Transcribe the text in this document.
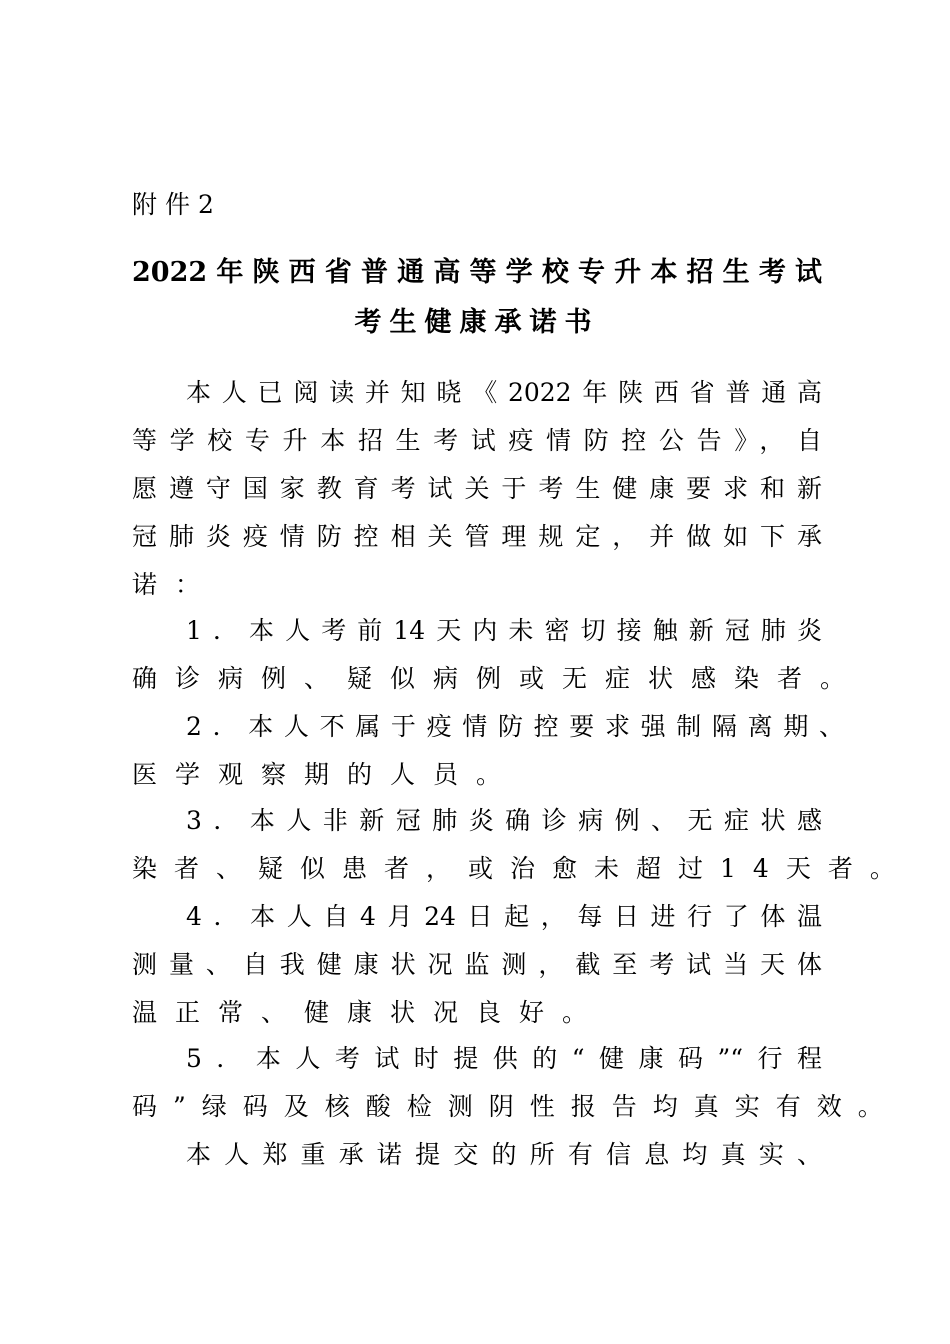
附件2
2022年陕西省普通高等学校专升本招生考试
考生健康承诺书
本人已阅读并知晓《2022年陕西省普通高
等学校专升本招生考试疫情防控公告》，自
愿遵守国家教育考试关于考生健康要求和新
冠肺炎疫情防控相关管理规定，并做如下承
诺：
1．本人考前14天内未密切接触新冠肺炎
确诊病例、疑似病例或无症状感染者。
2．本人不属于疫情防控要求强制隔离期、
医学观察期的人员。
3．本人非新冠肺炎确诊病例、无症状感
染者、疑似患者，或治愈未超过14天者。
4．本人自4月24日起，每日进行了体温
测量、自我健康状况监测，截至考试当天体
温正常、健康状况良好。
5．本人考试时提供的“健康码”“行程
码”绿码及核酸检测阴性报告均真实有效。
本人郑重承诺提交的所有信息均真实、
